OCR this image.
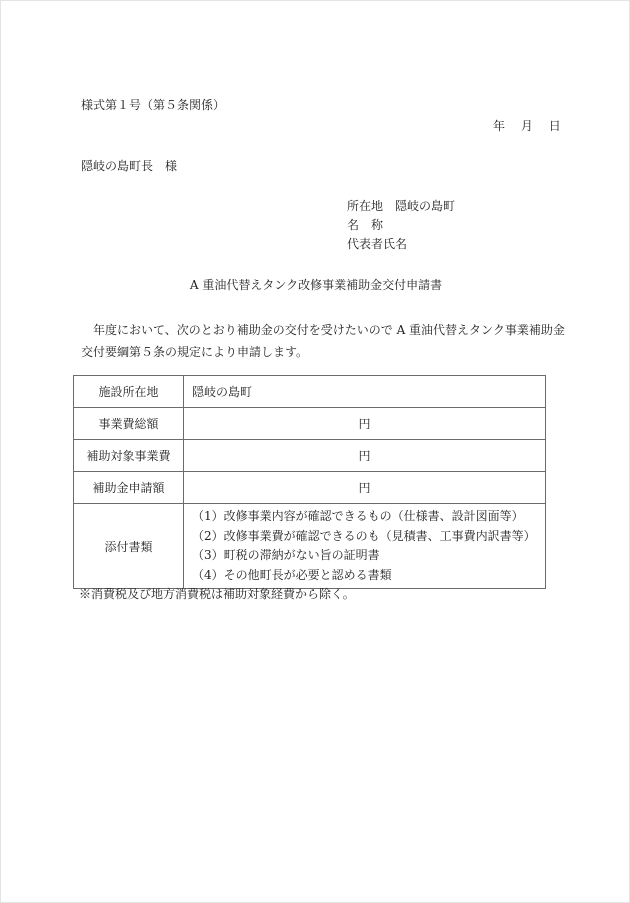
様式第１号（第５条関係）
年 月 日
隠岐の島町長　様
所在地　隠岐の島町
名　称
代表者氏名
A 重油代替えタンク改修事業補助金交付申請書
年度において、次のとおり補助金の交付を受けたいので A 重油代替えタンク事業補助金
交付要綱第５条の規定により申請します。
施設所在地	隠岐の島町
事業費総額	円
補助対象事業費	円
補助金申請額	円
添付書類	（1）改修事業内容が確認できるもの（仕様書、設計図面等）
（2）改修事業費が確認できるのも（見積書、工事費内訳書等）
（3）町税の滞納がない旨の証明書
（4）その他町長が必要と認める書類
※消費税及び地方消費税は補助対象経費から除く。
